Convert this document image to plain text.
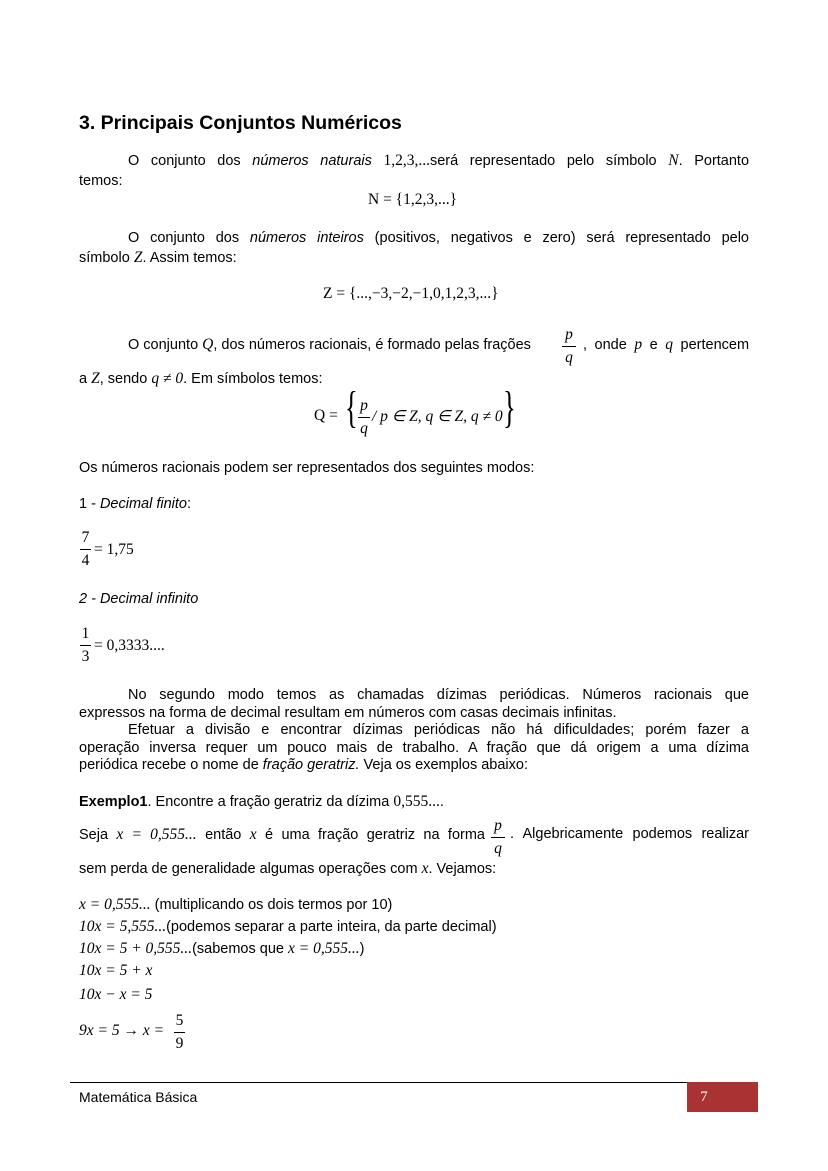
3. Principais Conjuntos Numéricos
O conjunto dos números naturais 1,2,3,...será representado pelo símbolo N. Portanto
temos:
N = {1,2,3,...}
O conjunto dos números inteiros (positivos, negativos e zero) será representado pelo
símbolo Z. Assim temos:
Z = {...,−3,−2,−1,0,1,2,3,...}
O conjunto Q, dos números racionais, é formado pelas frações
p
q
, onde p e q pertencem
a Z, sendo q ≠ 0. Em símbolos temos:
Q = { p
q
/ p ∈ Z, q ∈ Z, q ≠ 0 }
Os números racionais podem ser representados dos seguintes modos:
1 - Decimal finito:
7
4
= 1,75
2 - Decimal infinito
1
3
= 0,3333....
No segundo modo temos as chamadas dízimas periódicas. Números racionais que
expressos na forma de decimal resultam em números com casas decimais infinitas.
Efetuar a divisão e encontrar dízimas periódicas não há dificuldades; porém fazer a
operação inversa requer um pouco mais de trabalho. A fração que dá origem a uma dízima
periódica recebe o nome de fração geratriz. Veja os exemplos abaixo:
Exemplo1. Encontre a fração geratriz da dízima 0,555....
Seja x = 0,555... então x é uma fração geratriz na forma
p
q
. Algebricamente podemos realizar
sem perda de generalidade algumas operações com x. Vejamos:
x = 0,555... (multiplicando os dois termos por 10)
10x = 5,555...(podemos separar a parte inteira, da parte decimal)
10x = 5 + 0,555...(sabemos que x = 0,555...)
10x = 5 + x
10x − x = 5
9x = 5 → x =
5
9
Matemática Básica	7
